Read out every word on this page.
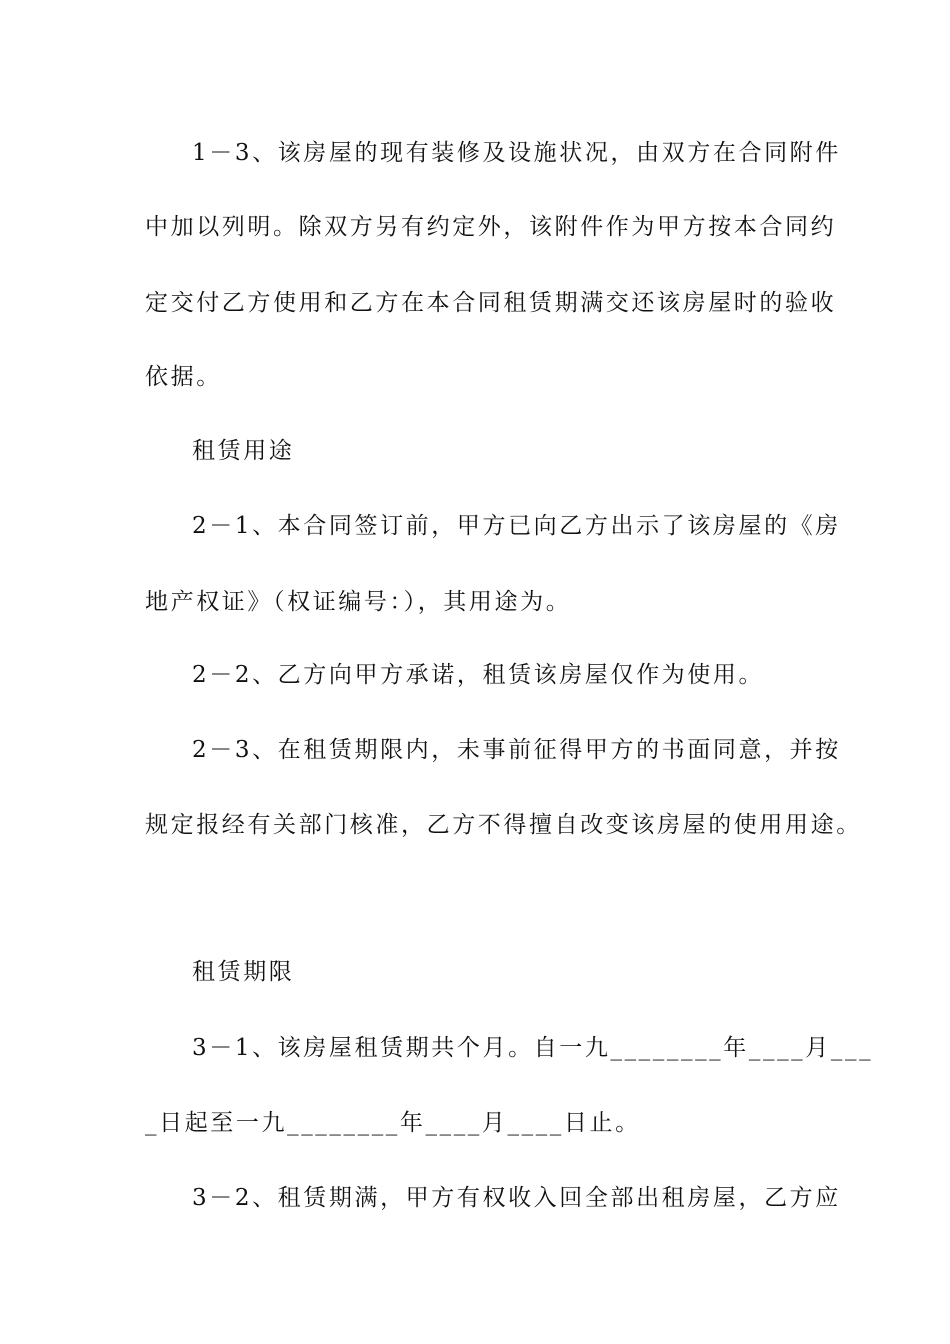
1－3、该房屋的现有装修及设施状况，由双方在合同附件
中加以列明。除双方另有约定外，该附件作为甲方按本合同约
定交付乙方使用和乙方在本合同租赁期满交还该房屋时的验收
依据。
租赁用途
2－1、本合同签订前，甲方已向乙方出示了该房屋的《房
地产权证》（权证编号：），其用途为。
2－2、乙方向甲方承诺，租赁该房屋仅作为使用。
2－3、在租赁期限内，未事前征得甲方的书面同意，并按
规定报经有关部门核准，乙方不得擅自改变该房屋的使用用途。
租赁期限
3－1、该房屋租赁期共个月。自一九________年____月___
_日起至一九________年____月____日止。
3－2、租赁期满，甲方有权收入回全部出租房屋，乙方应
